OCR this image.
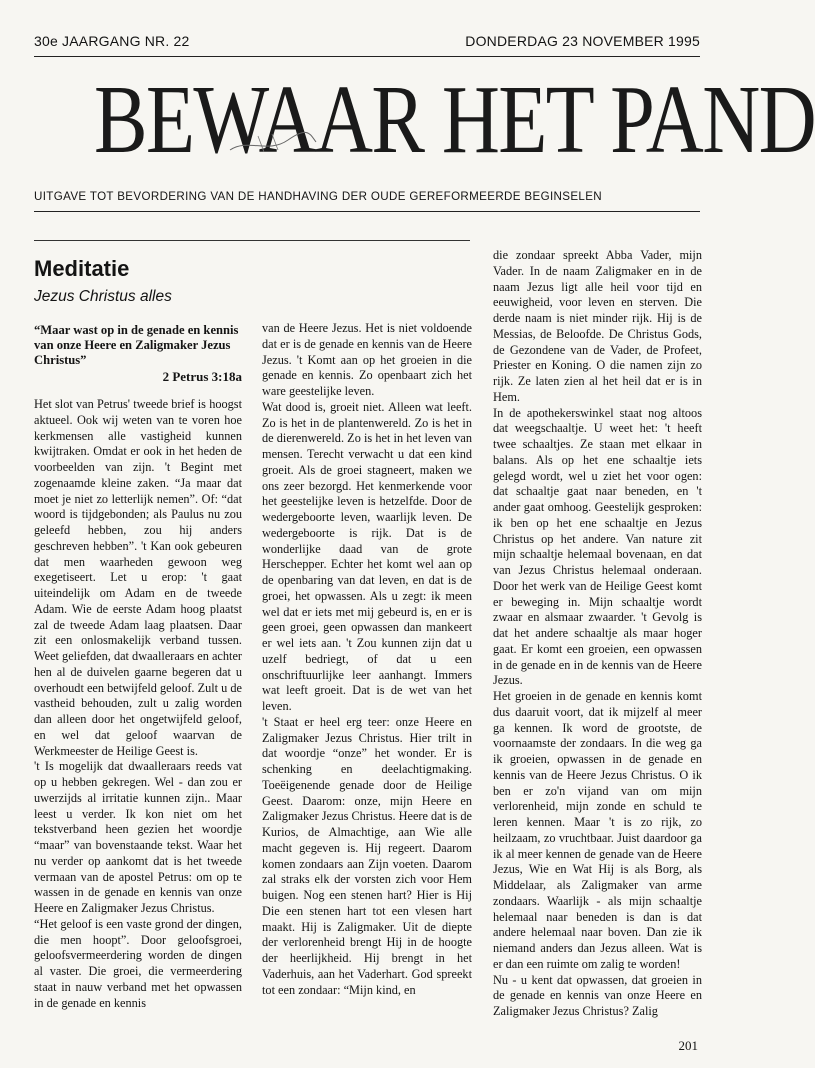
30e JAARGANG NR. 22	DONDERDAG 23 NOVEMBER 1995
BEWAAR HET PAND
UITGAVE TOT BEVORDERING VAN DE HANDHAVING DER OUDE GEREFORMEERDE BEGINSELEN
Meditatie
Jezus Christus alles
“Maar wast op in de genade en kennis van onze Heere en Zaligmaker Jezus Christus”
2 Petrus 3:18a

Het slot van Petrus' tweede brief is hoogst aktueel. Ook wij weten van te voren hoe kerkmensen alle vastigheid kunnen kwijtraken. Omdat er ook in het heden de voorbeelden van zijn. 't Begint met zogenaamde kleine zaken. “Ja maar dat moet je niet zo letterlijk nemen”. Of: “dat woord is tijdgebonden; als Paulus nu zou geleefd hebben, zou hij anders geschreven hebben”. 't Kan ook gebeuren dat men waarheden gewoon weg exegetiseert. Let u erop: 't gaat uiteindelijk om Adam en de tweede Adam. Wie de eerste Adam hoog plaatst zal de tweede Adam laag plaatsen. Daar zit een onlosmakelijk verband tussen. Weet geliefden, dat dwaalleraars en achter hen al de duivelen gaarne begeren dat u overhoudt een betwijfeld geloof. Zult u de vastheid behouden, zult u zalig worden dan alleen door het ongetwijfeld geloof, en wel dat geloof waarvan de Werkmeester de Heilige Geest is.

't Is mogelijk dat dwaalleraars reeds vat op u hebben gekregen. Wel - dan zou er uwerzijds al irritatie kunnen zijn.. Maar leest u verder. Ik kon niet om het tekstverband heen gezien het woordje “maar” van bovenstaande tekst. Waar het nu verder op aankomt dat is het tweede vermaan van de apostel Petrus: om op te wassen in de genade en kennis van onze Heere en Zaligmaker Jezus Christus.

“Het geloof is een vaste grond der dingen, die men hoopt”. Door geloofsgroei, geloofsvermeerdering worden de dingen al vaster. Die groei, die vermeerdering staat in nauw verband met het opwassen in de genade en kennis

van de Heere Jezus. Het is niet voldoende dat er is de genade en kennis van de Heere Jezus. 't Komt aan op het groeien in die genade en kennis. Zo openbaart zich het ware geestelijke leven.

Wat dood is, groeit niet. Alleen wat leeft. Zo is het in de plantenwereld. Zo is het in de dierenwereld. Zo is het in het leven van mensen. Terecht verwacht u dat een kind groeit. Als de groei stagneert, maken we ons zeer bezorgd. Het kenmerkende voor het geestelijke leven is hetzelfde. Door de wedergeboorte leven, waarlijk leven. De wedergeboorte is rijk. Dat is de wonderlijke daad van de grote Herschepper. Echter het komt wel aan op de openbaring van dat leven, en dat is de groei, het opwassen. Als u zegt: ik meen wel dat er iets met mij gebeurd is, en er is geen groei, geen opwassen dan mankeert er wel iets aan. 't Zou kunnen zijn dat u uzelf bedriegt, of dat u een onschriftuurlijke leer aanhangt. Immers wat leeft groeit. Dat is de wet van het leven.

't Staat er heel erg teer: onze Heere en Zaligmaker Jezus Christus. Hier trilt in dat woordje “onze” het wonder. Er is schenking en deelachtigmaking. Toeëigenende genade door de Heilige Geest. Daarom: onze, mijn Heere en Zaligmaker Jezus Christus. Heere dat is de Kurios, de Almachtige, aan Wie alle macht gegeven is. Hij regeert. Daarom komen zondaars aan Zijn voeten. Daarom zal straks elk der vorsten zich voor Hem buigen. Nog een stenen hart? Hier is Hij Die een stenen hart tot een vlesen hart maakt. Hij is Zaligmaker. Uit de diepte der verlorenheid brengt Hij in de hoogte der heerlijkheid. Hij brengt in het Vaderhuis, aan het Vaderhart. God spreekt tot een zondaar: “Mijn kind, en

die zondaar spreekt Abba Vader, mijn Vader. In de naam Zaligmaker en in de naam Jezus ligt alle heil voor tijd en eeuwigheid, voor leven en sterven. Die derde naam is niet minder rijk. Hij is de Messias, de Beloofde. De Christus Gods, de Gezondene van de Vader, de Profeet, Priester en Koning. O die namen zijn zo rijk. Ze laten zien al het heil dat er is in Hem.

In de apothekerswinkel staat nog altoos dat weegschaaltje. U weet het: 't heeft twee schaaltjes. Ze staan met elkaar in balans. Als op het ene schaaltje iets gelegd wordt, wel u ziet het voor ogen: dat schaaltje gaat naar beneden, en 't ander gaat omhoog. Geestelijk gesproken: ik ben op het ene schaaltje en Jezus Christus op het andere. Van nature zit mijn schaaltje helemaal bovenaan, en dat van Jezus Christus helemaal onderaan. Door het werk van de Heilige Geest komt er beweging in. Mijn schaaltje wordt zwaar en alsmaar zwaarder. 't Gevolg is dat het andere schaaltje als maar hoger gaat. Er komt een groeien, een opwassen in de genade en in de kennis van de Heere Jezus.

Het groeien in de genade en kennis komt dus daaruit voort, dat ik mijzelf al meer ga kennen. Ik word de grootste, de voornaamste der zondaars. In die weg ga ik groeien, opwassen in de genade en kennis van de Heere Jezus Christus. O ik ben er zo'n vijand van om mijn verlorenheid, mijn zonde en schuld te leren kennen. Maar 't is zo rijk, zo heilzaam, zo vruchtbaar. Juist daardoor ga ik al meer kennen de genade van de Heere Jezus, Wie en Wat Hij is als Borg, als Middelaar, als Zaligmaker van arme zondaars. Waarlijk - als mijn schaaltje helemaal naar beneden is dan is dat andere helemaal naar boven. Dan zie ik niemand anders dan Jezus alleen. Wat is er dan een ruimte om zalig te worden!

Nu - u kent dat opwassen, dat groeien in de genade en kennis van onze Heere en Zaligmaker Jezus Christus? Zalig

201
